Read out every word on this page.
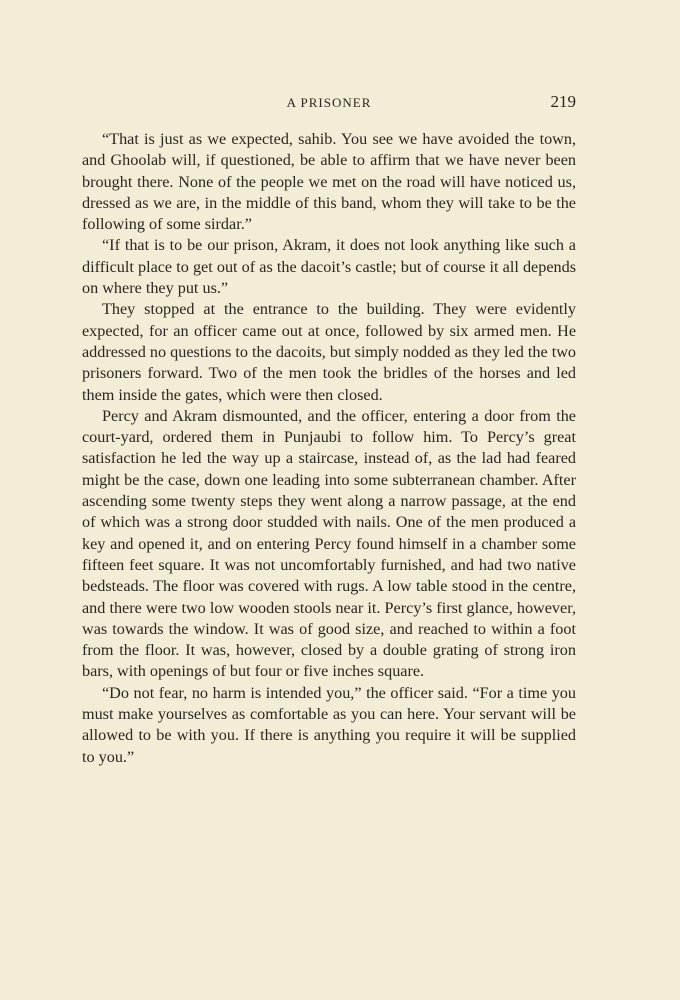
A PRISONER	219

“That is just as we expected, sahib. You see we have avoided the town, and Ghoolab will, if questioned, be able to affirm that we have never been brought there. None of the people we met on the road will have noticed us, dressed as we are, in the middle of this band, whom they will take to be the following of some sirdar.”

“If that is to be our prison, Akram, it does not look anything like such a difficult place to get out of as the dacoit’s castle; but of course it all depends on where they put us.”

They stopped at the entrance to the building. They were evidently expected, for an officer came out at once, followed by six armed men. He addressed no questions to the dacoits, but simply nodded as they led the two prisoners forward. Two of the men took the bridles of the horses and led them inside the gates, which were then closed.

Percy and Akram dismounted, and the officer, entering a door from the court-yard, ordered them in Punjaubi to follow him. To Percy’s great satisfaction he led the way up a staircase, instead of, as the lad had feared might be the case, down one leading into some subterranean chamber. After ascending some twenty steps they went along a narrow passage, at the end of which was a strong door studded with nails. One of the men produced a key and opened it, and on entering Percy found himself in a chamber some fifteen feet square. It was not uncomfortably furnished, and had two native bedsteads. The floor was covered with rugs. A low table stood in the centre, and there were two low wooden stools near it. Percy’s first glance, however, was towards the window. It was of good size, and reached to within a foot from the floor. It was, however, closed by a double grating of strong iron bars, with openings of but four or five inches square.

“Do not fear, no harm is intended you,” the officer said. “For a time you must make yourselves as comfortable as you can here. Your servant will be allowed to be with you. If there is anything you require it will be supplied to you.”
